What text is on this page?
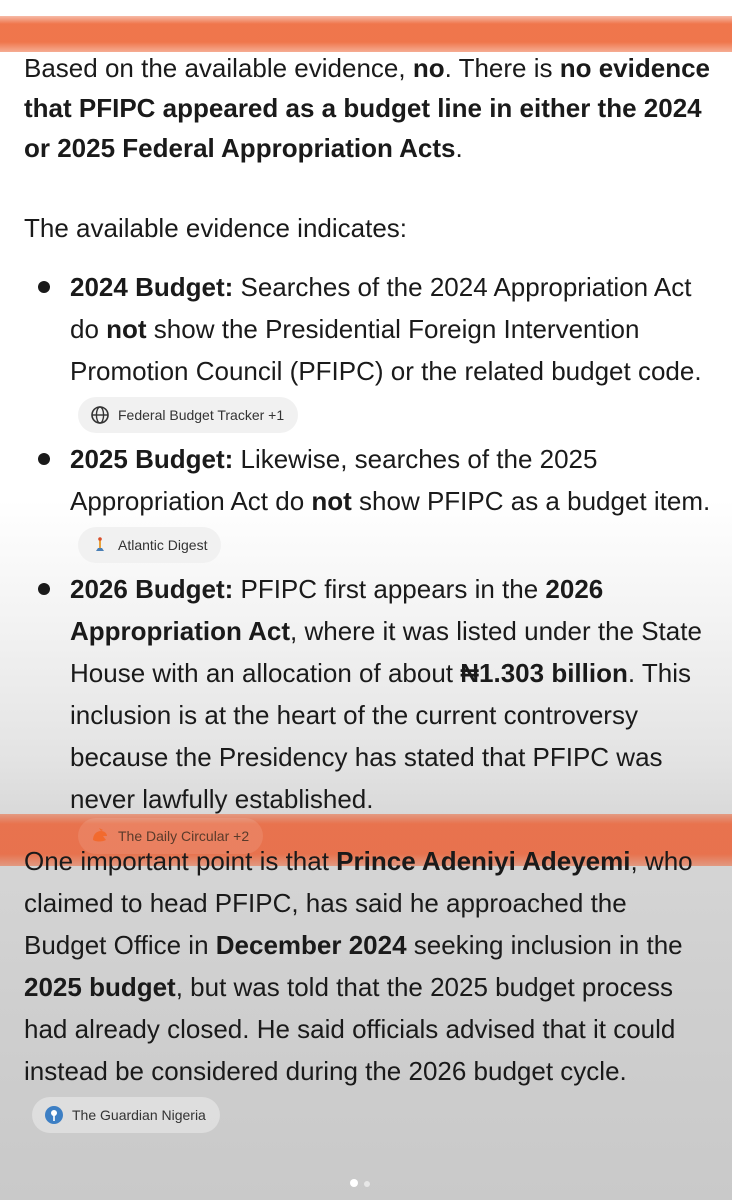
Based on the available evidence, no. There is no evidence that PFIPC appeared as a budget line in either the 2024 or 2025 Federal Appropriation Acts.

The available evidence indicates:

2024 Budget: Searches of the 2024 Appropriation Act do not show the Presidential Foreign Intervention Promotion Council (PFIPC) or the related budget code.
Federal Budget Tracker +1
2025 Budget: Likewise, searches of the 2025 Appropriation Act do not show PFIPC as a budget item.
Atlantic Digest
2026 Budget: PFIPC first appears in the 2026 Appropriation Act, where it was listed under the State House with an allocation of about ₦1.303 billion. This inclusion is at the heart of the current controversy because the Presidency has stated that PFIPC was never lawfully established.
The Daily Circular +2

One important point is that Prince Adeniyi Adeyemi, who claimed to head PFIPC, has said he approached the Budget Office in December 2024 seeking inclusion in the 2025 budget, but was told that the 2025 budget process had already closed. He said officials advised that it could instead be considered during the 2026 budget cycle.
The Guardian Nigeria
